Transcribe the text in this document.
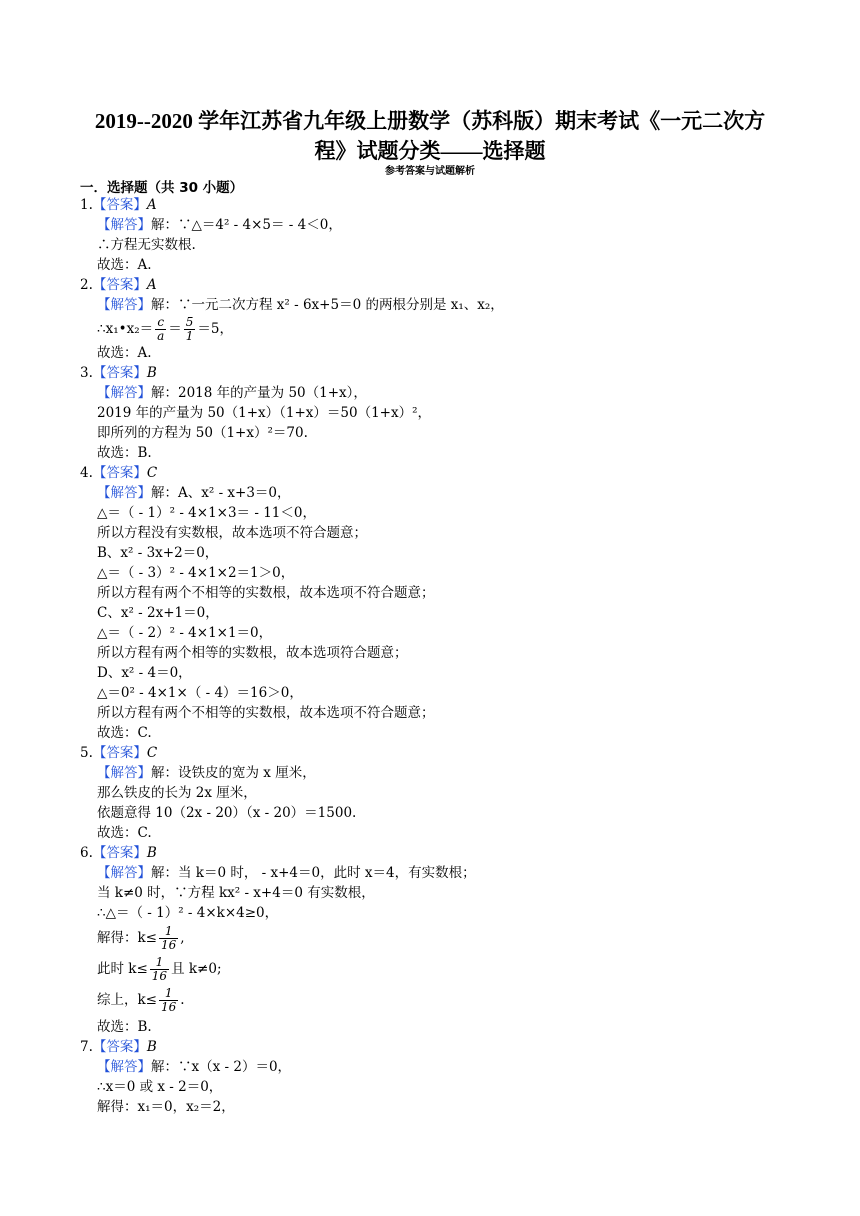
2019--2020 学年江苏省九年级上册数学（苏科版）期末考试《一元二次方
程》试题分类——选择题
参考答案与试题解析
一．选择题（共 30 小题）
1.【答案】A
【解答】解：∵△＝4² - 4×5＝ - 4＜0，
∴方程无实数根.
故选：A.
2.【答案】A
【解答】解：∵一元二次方程 x² - 6x+5＝0 的两根分别是 x₁、x₂，
∴x₁•x₂＝ $\frac{c}{a} = \frac{5}{1} =5$，
故选：A.
3.【答案】B
【解答】解：2018 年的产量为 50（1+x），
2019 年的产量为 50（1+x）（1+x）＝50（1+x）²，
即所列的方程为 50（1+x）²＝70.
故选：B.
4.【答案】C
【解答】解：A、x² - x+3＝0，
△＝（ - 1）² - 4×1×3＝ - 11＜0，
所以方程没有实数根，故本选项不符合题意；
B、x² - 3x+2＝0，
△＝（ - 3）² - 4×1×2＝1＞0，
所以方程有两个不相等的实数根，故本选项不符合题意；
C、x² - 2x+1＝0，
△＝（ - 2）² - 4×1×1＝0，
所以方程有两个相等的实数根，故本选项符合题意；
D、x² - 4＝0，
△＝0² - 4×1×（ - 4）＝16＞0，
所以方程有两个不相等的实数根，故本选项不符合题意；
故选：C.
5.【答案】C
【解答】解：设铁皮的宽为 x 厘米，
那么铁皮的长为 2x 厘米，
依题意得 10（2x - 20）（x - 20）＝1500.
故选：C.
6.【答案】B
【解答】解：当 k＝0 时， - x+4＝0，此时 x＝4，有实数根；
当 k≠0 时，∵方程 kx² - x+4＝0 有实数根，
∴△＝（ - 1）² - 4×k×4≥0，
解得：$k\le \frac{1}{16}$ ,
此时 $k\le \frac{1}{16}$ 且 k≠0;
综上，$k\le \frac{1}{16}$ .
故选：B.
7.【答案】B
【解答】解：∵x（x - 2）＝0，
∴x＝0 或 x - 2＝0，
解得：x₁＝0，x₂＝2，
